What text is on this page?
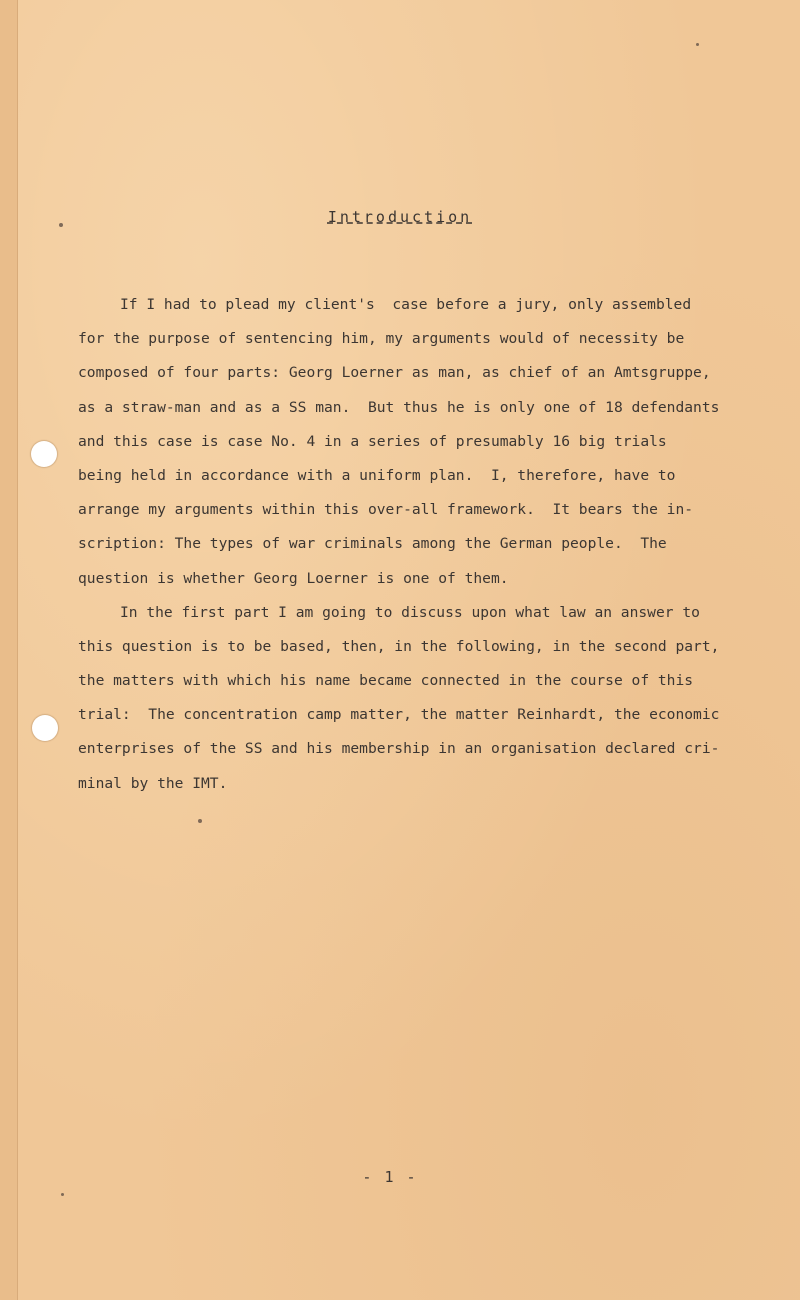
Introduction

If I had to plead my client's  case before a jury, only assembled

for the purpose of sentencing him, my arguments would of necessity be

composed of four parts: Georg Loerner as man, as chief of an Amtsgruppe,

as a straw-man and as a SS man.  But thus he is only one of 18 defendants

and this case is case No. 4 in a series of presumably 16 big trials

being held in accordance with a uniform plan.  I, therefore, have to

arrange my arguments within this over-all framework.  It bears the in-

scription: The types of war criminals among the German people.  The

question is whether Georg Loerner is one of them.

In the first part I am going to discuss upon what law an answer to

this question is to be based, then, in the following, in the second part,

the matters with which his name became connected in the course of this

trial:  The concentration camp matter, the matter Reinhardt, the economic

enterprises of the SS and his membership in an organisation declared cri-

minal by the IMT.

- 1 -
